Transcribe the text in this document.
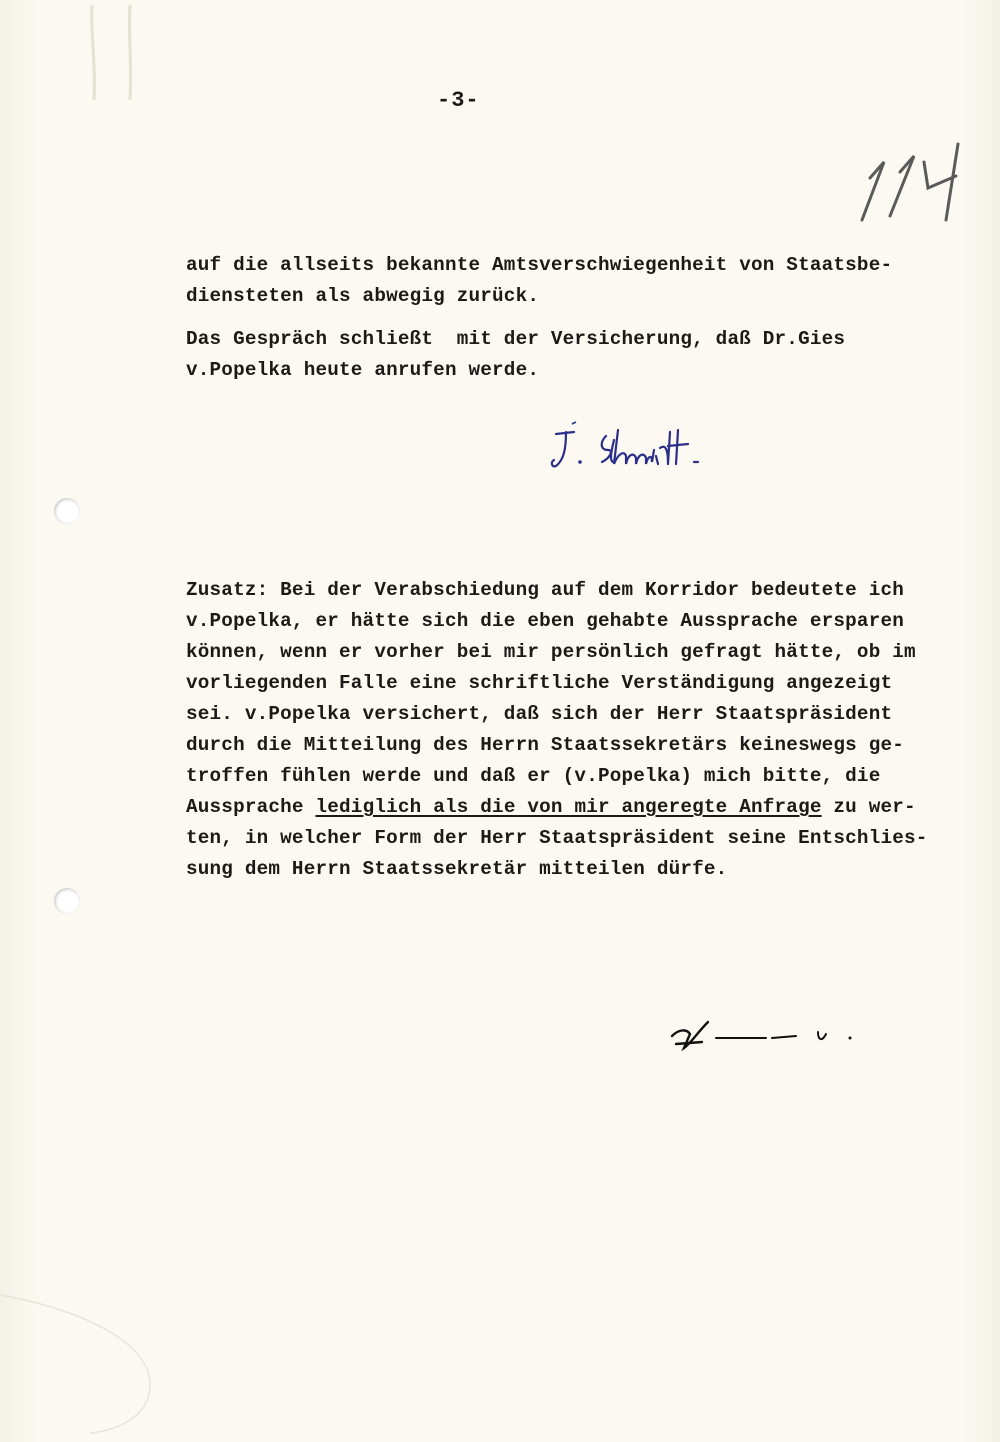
-3-
auf die allseits bekannte Amtsverschwiegenheit von Staatsbe-
diensteten als abwegig zurück.
Das Gespräch schließt  mit der Versicherung, daß Dr.Gies
v.Popelka heute anrufen werde.
Zusatz: Bei der Verabschiedung auf dem Korridor bedeutete ich
v.Popelka, er hätte sich die eben gehabte Aussprache ersparen
können, wenn er vorher bei mir persönlich gefragt hätte, ob im
vorliegenden Falle eine schriftliche Verständigung angezeigt
sei. v.Popelka versichert, daß sich der Herr Staatspräsident
durch die Mitteilung des Herrn Staatssekretärs keineswegs ge-
troffen fühlen werde und daß er (v.Popelka) mich bitte, die
Aussprache lediglich als die von mir angeregte Anfrage zu wer-
ten, in welcher Form der Herr Staatspräsident seine Entschlies-
sung dem Herrn Staatssekretär mitteilen dürfe.
